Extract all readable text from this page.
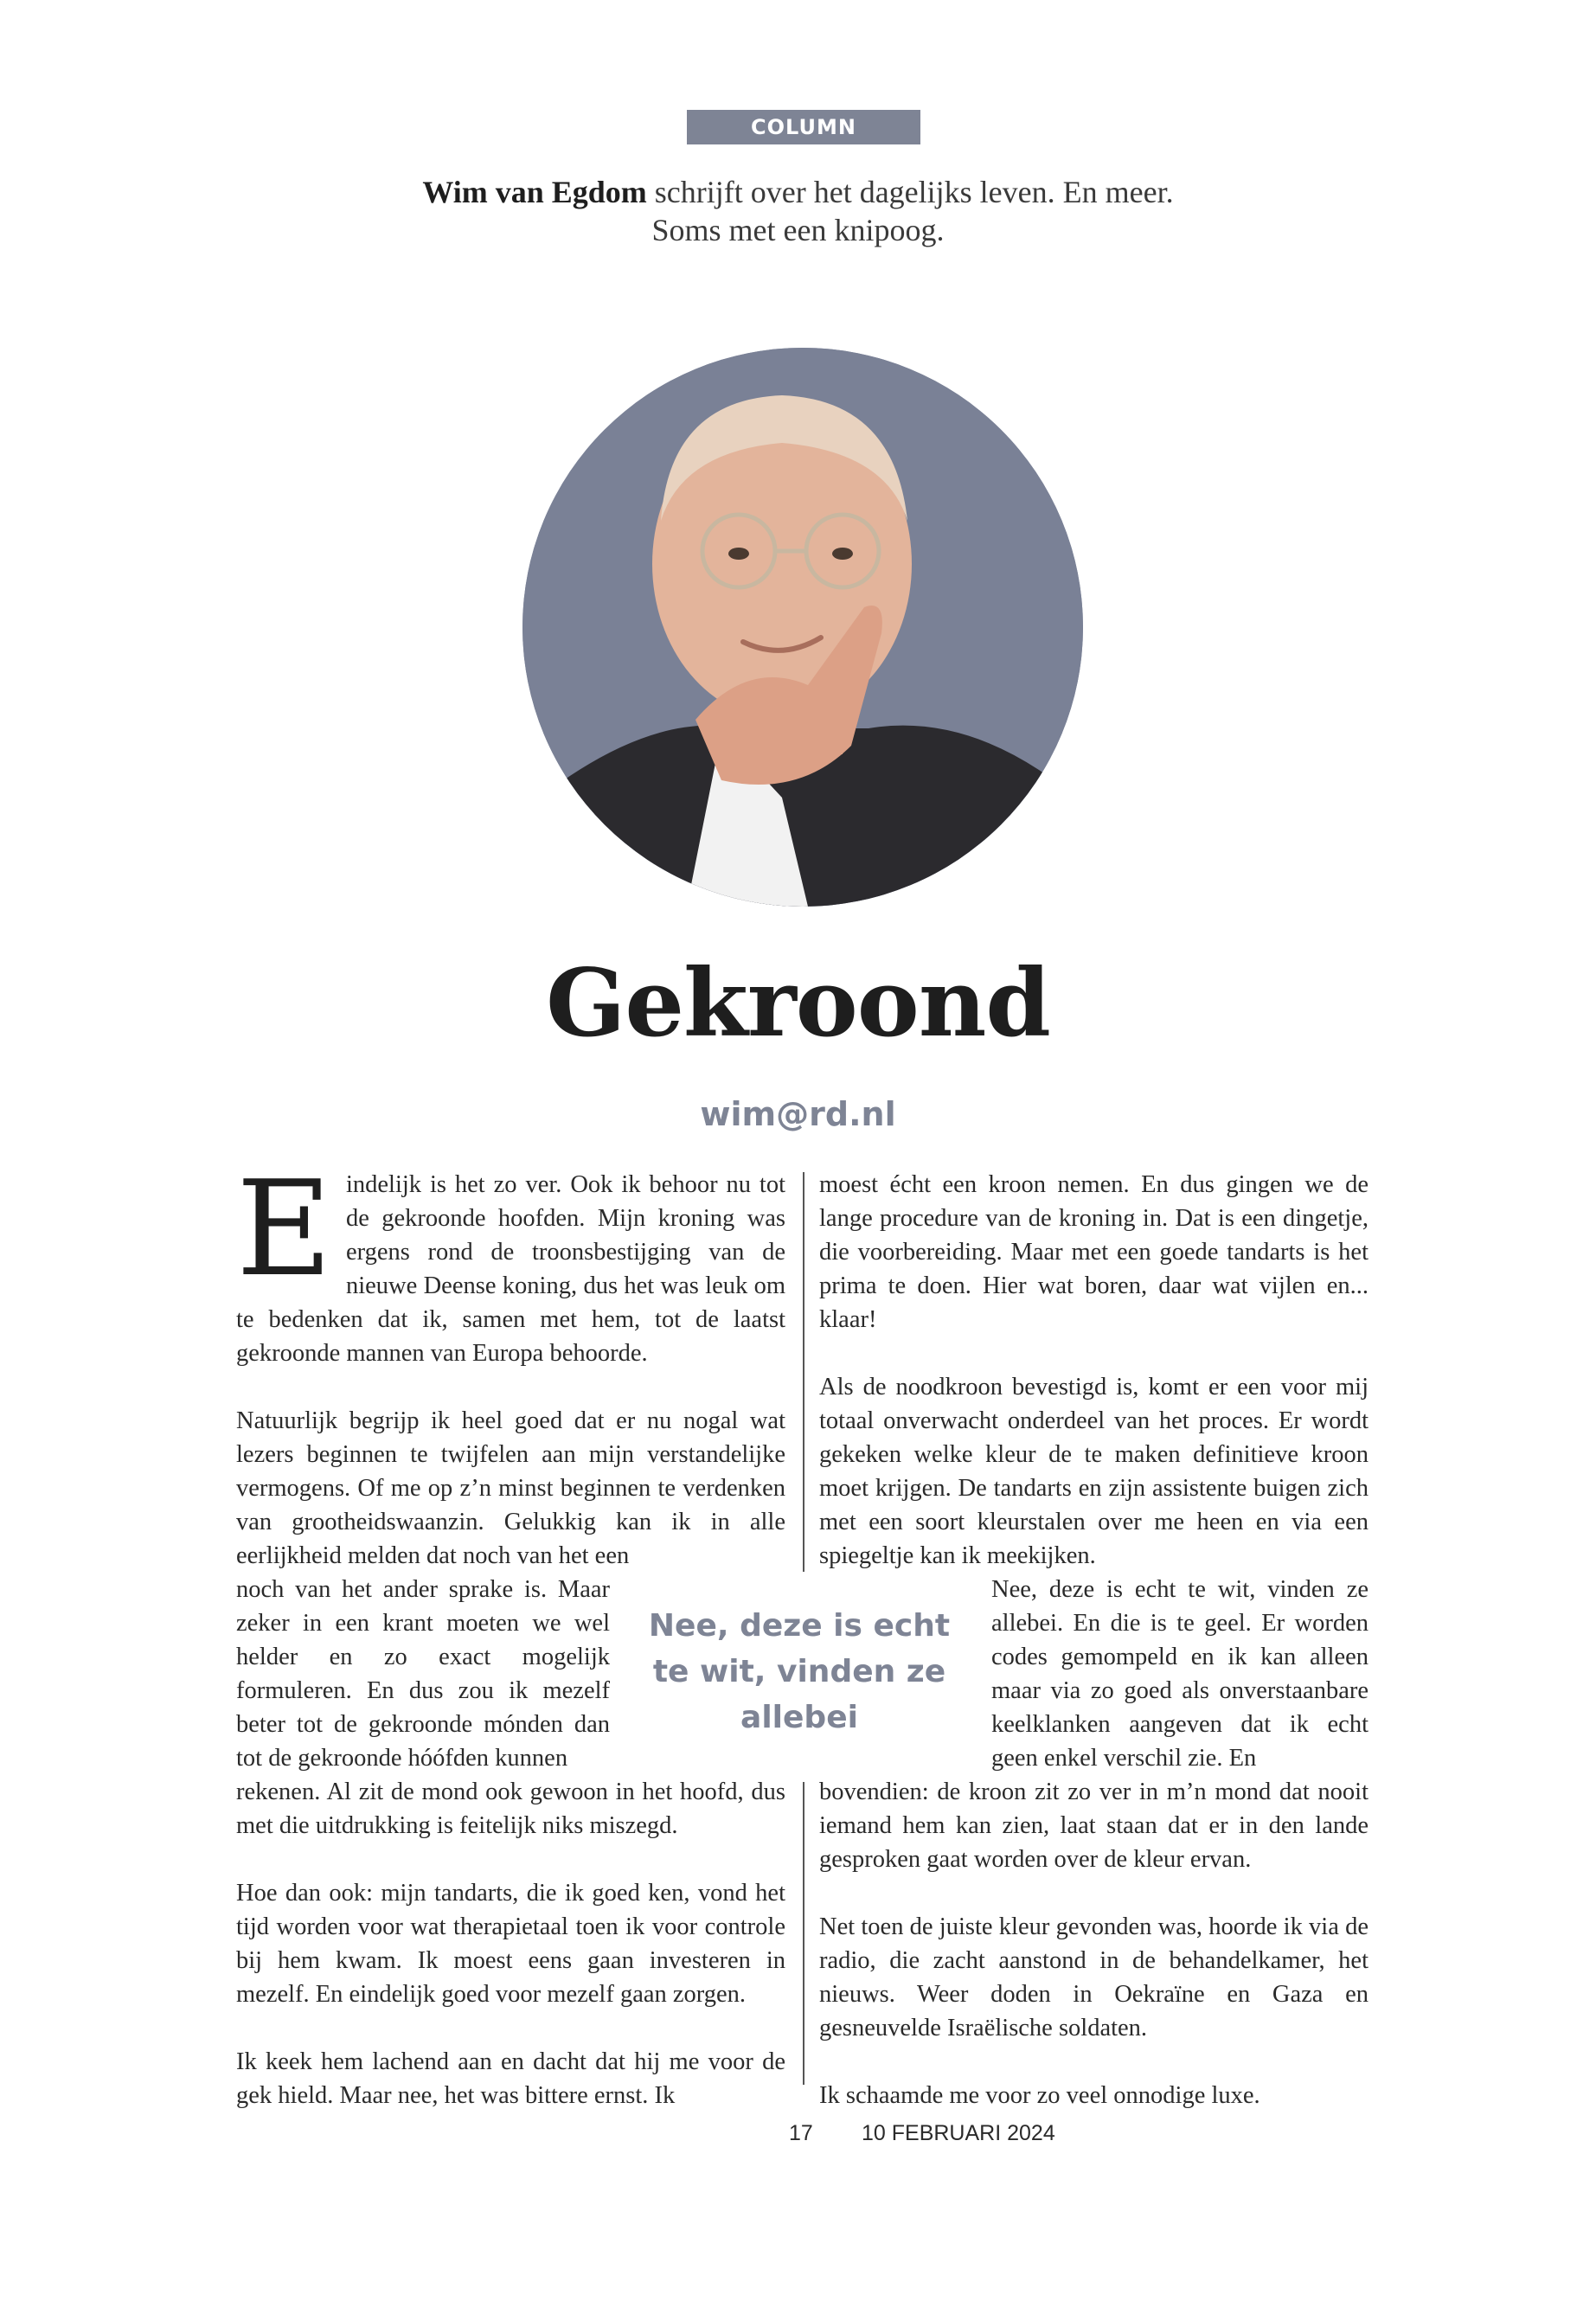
COLUMN
Wim van Egdom schrijft over het dagelijks leven. En meer.
Soms met een knipoog.
Gekroond
wim@rd.nl

Eindelijk is het zo ver. Ook ik behoor nu tot de gekroonde hoofden. Mijn kroning was ergens rond de troonsbestijging van de nieuwe Deense koning, dus het was leuk om te bedenken dat ik, samen met hem, tot de laatst gekroonde mannen van Europa behoorde.

Natuurlijk begrijp ik heel goed dat er nu nogal wat lezers beginnen te twijfelen aan mijn verstandelijke vermogens. Of me op z’n minst beginnen te verdenken van grootheidswaanzin. Gelukkig kan ik in alle eerlijkheid melden dat noch van het een

noch van het ander sprake is. Maar zeker in een krant moeten we wel helder en zo exact mogelijk formuleren. En dus zou ik mezelf beter tot de gekroonde mónden dan tot de gekroonde hóófden kunnen

rekenen. Al zit de mond ook gewoon in het hoofd, dus met die uitdrukking is feitelijk niks miszegd.

Hoe dan ook: mijn tandarts, die ik goed ken, vond het tijd worden voor wat therapietaal toen ik voor controle bij hem kwam. Ik moest eens gaan investeren in mezelf. En eindelijk goed voor mezelf gaan zorgen.

Ik keek hem lachend aan en dacht dat hij me voor de gek hield. Maar nee, het was bittere ernst. Ik

moest écht een kroon nemen. En dus gingen we de lange procedure van de kroning in. Dat is een dingetje, die voorbereiding. Maar met een goede tandarts is het prima te doen. Hier wat boren, daar wat vijlen en... klaar!

Als de noodkroon bevestigd is, komt er een voor mij totaal onverwacht onderdeel van het proces. Er wordt gekeken welke kleur de te maken definitieve kroon moet krijgen. De tandarts en zijn assistente buigen zich met een soort kleurstalen over me heen en via een spiegeltje kan ik meekijken.

Nee, deze is echt te wit, vinden ze allebei. En die is te geel. Er worden codes gemompeld en ik kan alleen maar via zo goed als onverstaanbare keelklanken aangeven dat ik echt geen enkel verschil zie. En

bovendien: de kroon zit zo ver in m’n mond dat nooit iemand hem kan zien, laat staan dat er in den lande gesproken gaat worden over de kleur ervan.

Net toen de juiste kleur gevonden was, hoorde ik via de radio, die zacht aanstond in de behandelkamer, het nieuws. Weer doden in Oekraïne en Gaza en gesneuvelde Israëlische soldaten.

Ik schaamde me voor zo veel onnodige luxe.

Nee, deze is echt te wit, vinden ze allebei
17 10 FEBRUARI 2024
